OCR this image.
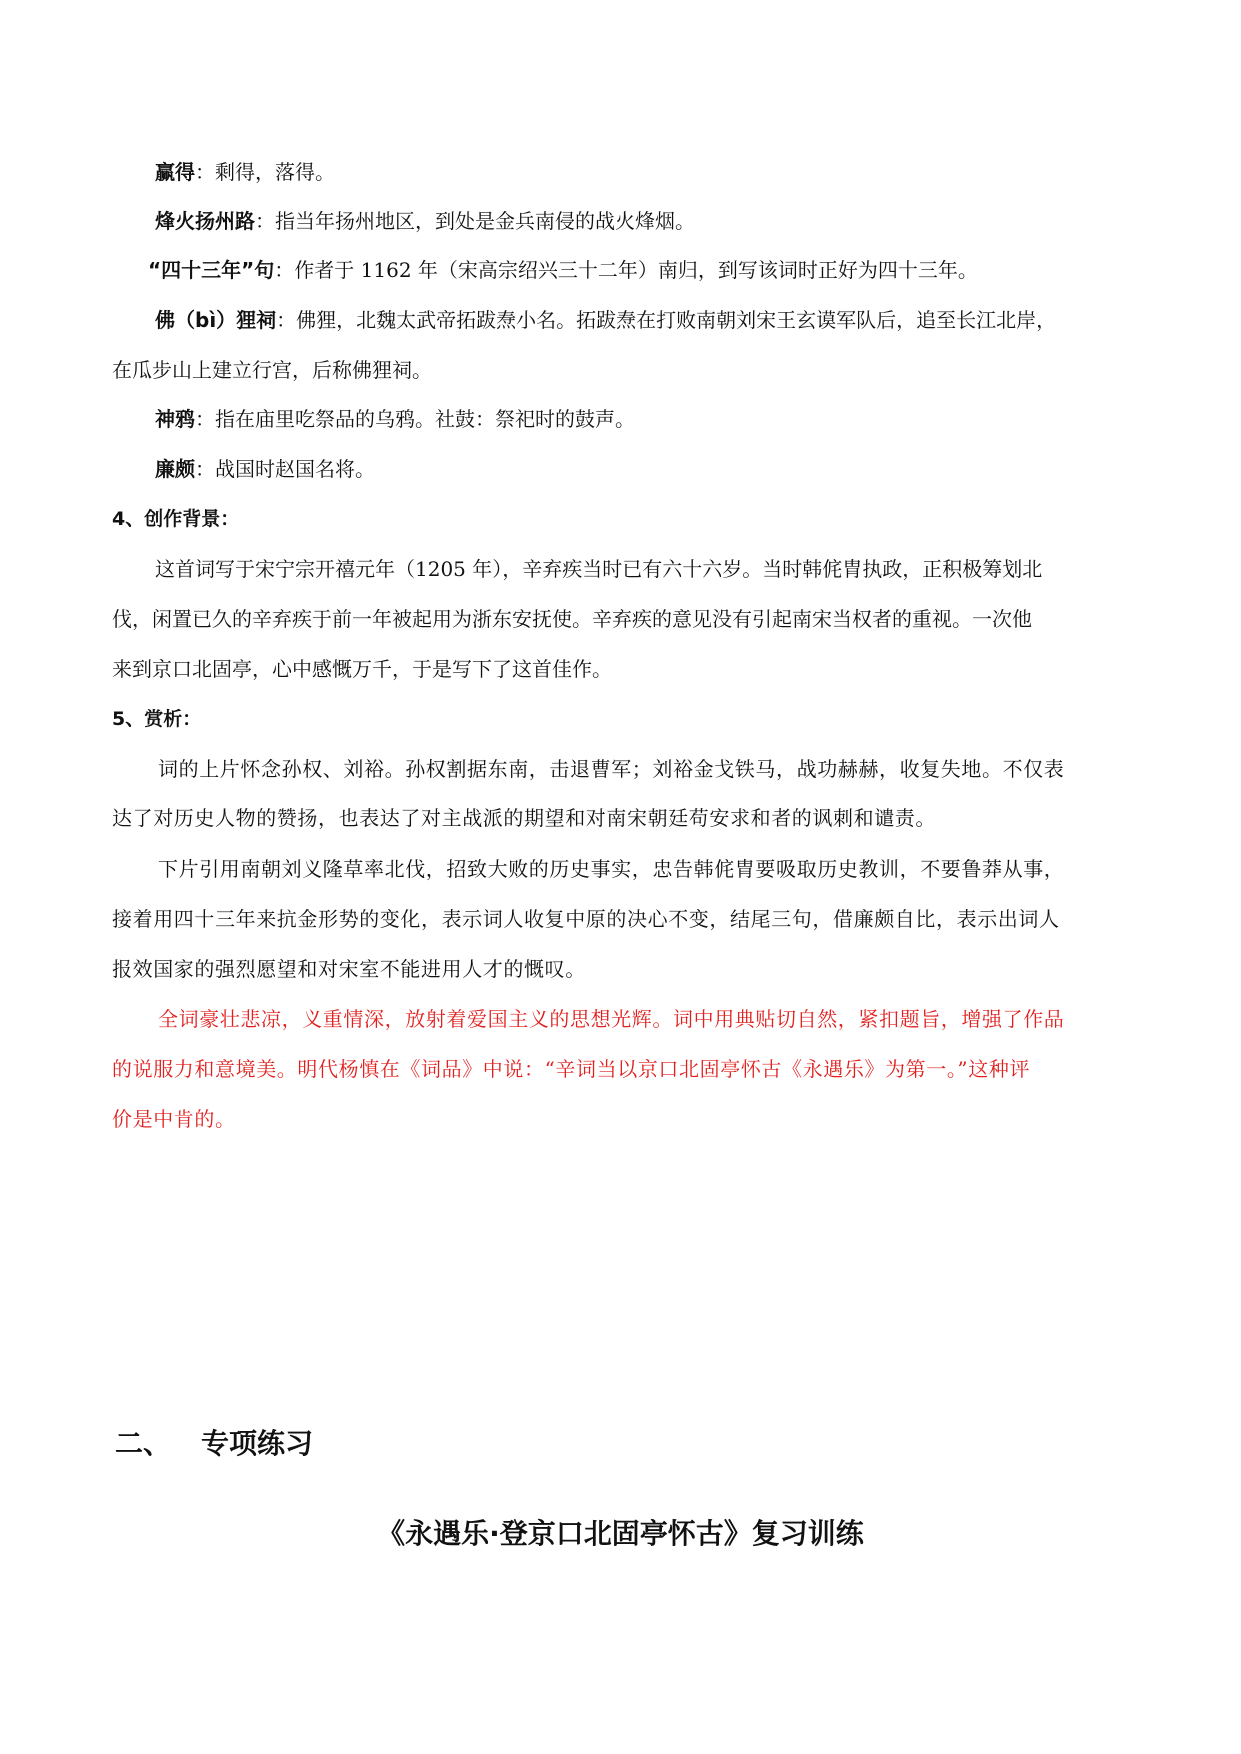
赢得：剩得，落得。
烽火扬州路：指当年扬州地区，到处是金兵南侵的战火烽烟。
“四十三年”句：作者于 1162 年（宋高宗绍兴三十二年）南归，到写该词时正好为四十三年。
佛（bì）狸祠：佛狸，北魏太武帝拓跋焘小名。拓跋焘在打败南朝刘宋王玄谟军队后，追至长江北岸，
在瓜步山上建立行宫，后称佛狸祠。
神鸦：指在庙里吃祭品的乌鸦。社鼓：祭祀时的鼓声。
廉颇：战国时赵国名将。
4、创作背景：
这首词写于宋宁宗开禧元年（1205 年），辛弃疾当时已有六十六岁。当时韩侂胄执政，正积极筹划北
伐，闲置已久的辛弃疾于前一年被起用为浙东安抚使。辛弃疾的意见没有引起南宋当权者的重视。一次他
来到京口北固亭，心中感慨万千，于是写下了这首佳作。
5、赏析：
词的上片怀念孙权、刘裕。孙权割据东南，击退曹军；刘裕金戈铁马，战功赫赫，收复失地。不仅表
达了对历史人物的赞扬，也表达了对主战派的期望和对南宋朝廷苟安求和者的讽刺和谴责。
下片引用南朝刘义隆草率北伐，招致大败的历史事实，忠告韩侂胄要吸取历史教训，不要鲁莽从事，
接着用四十三年来抗金形势的变化，表示词人收复中原的决心不变，结尾三句，借廉颇自比，表示出词人
报效国家的强烈愿望和对宋室不能进用人才的慨叹。
全词豪壮悲凉，义重情深，放射着爱国主义的思想光辉。词中用典贴切自然，紧扣题旨，增强了作品
的说服力和意境美。明代杨慎在《词品》中说：“辛词当以京口北固亭怀古《永遇乐》为第一。”这种评
价是中肯的。
二、 专项练习
《永遇乐·登京口北固亭怀古》复习训练
